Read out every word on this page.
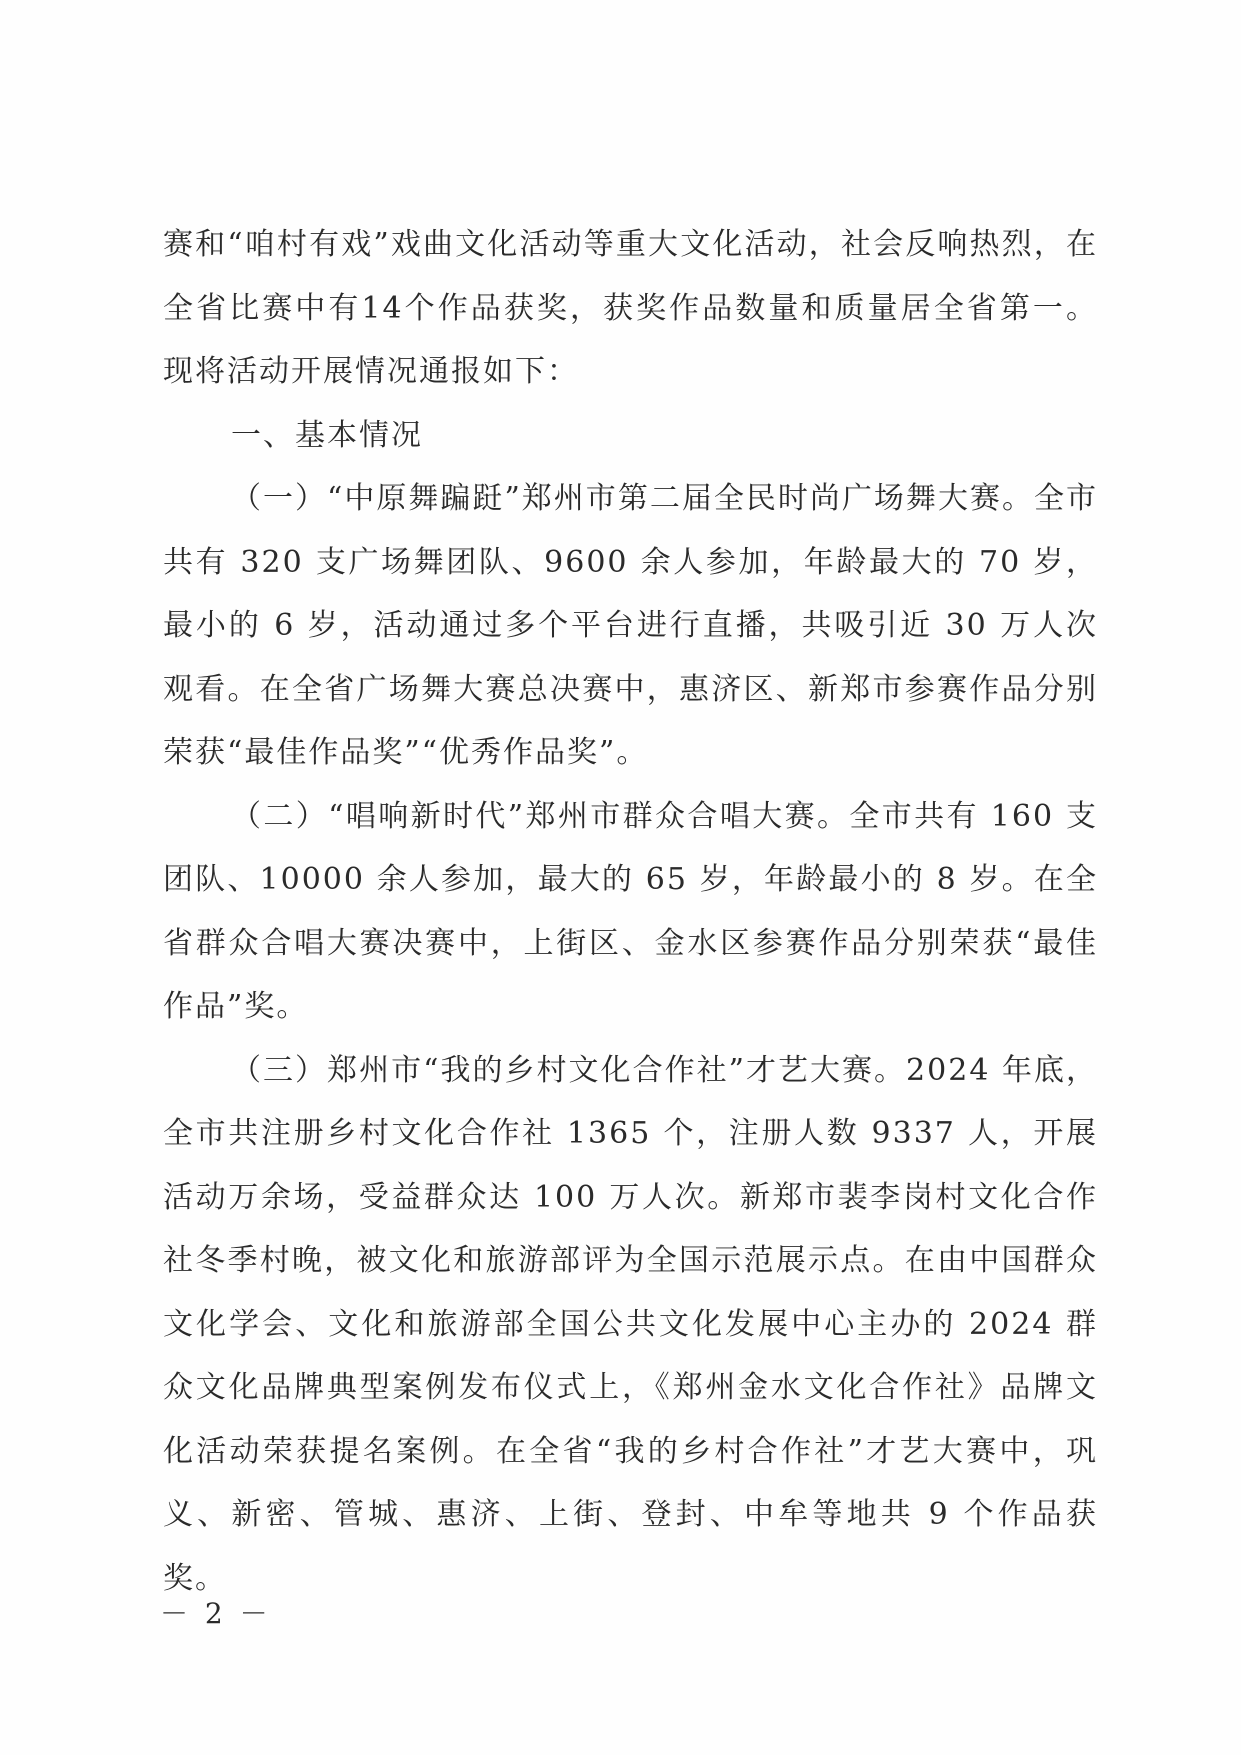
赛和“咱村有戏”戏曲文化活动等重大文化活动，社会反响热烈，在全省比赛中有14个作品获奖，获奖作品数量和质量居全省第一。现将活动开展情况通报如下：

一、基本情况

（一）“中原舞蹁跹”郑州市第二届全民时尚广场舞大赛。全市共有 320 支广场舞团队、9600 余人参加，年龄最大的 70 岁，最小的 6 岁，活动通过多个平台进行直播，共吸引近 30 万人次观看。在全省广场舞大赛总决赛中，惠济区、新郑市参赛作品分别荣获“最佳作品奖”“优秀作品奖”。

（二）“唱响新时代”郑州市群众合唱大赛。全市共有 160 支团队、10000 余人参加，最大的 65 岁，年龄最小的 8 岁。在全省群众合唱大赛决赛中，上街区、金水区参赛作品分别荣获“最佳作品”奖。

（三）郑州市“我的乡村文化合作社”才艺大赛。2024 年底，全市共注册乡村文化合作社 1365 个，注册人数 9337 人，开展活动万余场，受益群众达 100 万人次。新郑市裴李岗村文化合作社冬季村晚，被文化和旅游部评为全国示范展示点。在由中国群众文化学会、文化和旅游部全国公共文化发展中心主办的 2024 群众文化品牌典型案例发布仪式上，《郑州金水文化合作社》品牌文化活动荣获提名案例。在全省“我的乡村合作社”才艺大赛中，巩义、新密、管城、惠济、上街、登封、中牟等地共 9 个作品获奖。

－ 2 －
